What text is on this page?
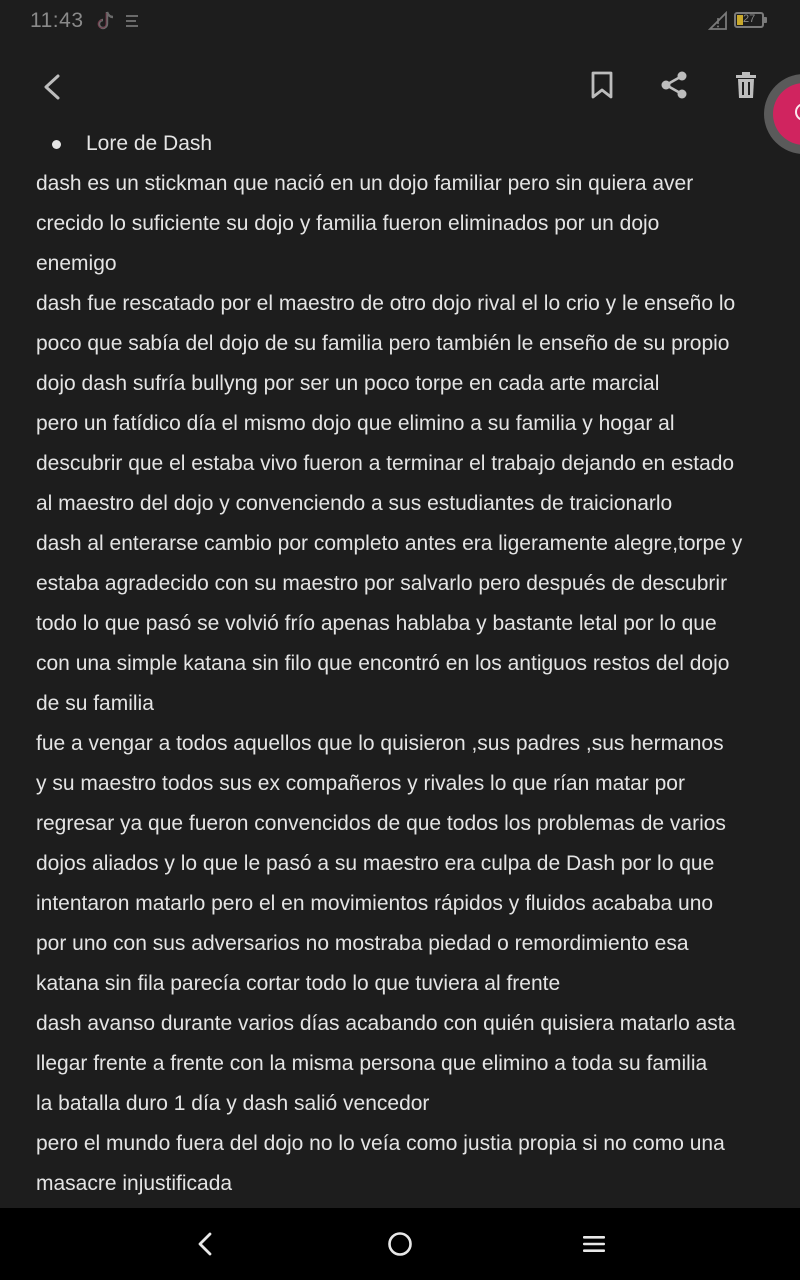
11:43	27
Lore de Dash

dash es un stickman que nació en un dojo familiar pero sin quiera aver

crecido lo suficiente su dojo y familia fueron eliminados por un dojo

enemigo

dash fue rescatado por el maestro de otro dojo rival el lo crio y le enseño lo

poco que sabía del dojo de su familia pero también le enseño de su propio

dojo dash sufría bullyng por ser un poco torpe en cada arte marcial

pero un fatídico día el mismo dojo que elimino a su familia y hogar al

descubrir que el estaba vivo fueron a terminar el trabajo dejando en estado

al maestro del dojo y convenciendo a sus estudiantes de traicionarlo

dash al enterarse cambio por completo antes era ligeramente alegre,torpe y

estaba agradecido con su maestro por salvarlo pero después de descubrir

todo lo que pasó se volvió frío apenas hablaba y bastante letal por lo que

con una simple katana sin filo que encontró en los antiguos restos del dojo

de su familia

fue a vengar a todos aquellos que lo quisieron ,sus padres ,sus hermanos

y su maestro todos sus ex compañeros y rivales lo que rían matar por

regresar ya que fueron convencidos de que todos los problemas de varios

dojos aliados y lo que le pasó a su maestro era culpa de Dash por lo que

intentaron matarlo pero el en movimientos rápidos y fluidos acababa uno

por uno con sus adversarios no mostraba piedad o remordimiento esa

katana sin fila parecía cortar todo lo que tuviera al frente

dash avanso durante varios días acabando con quién quisiera matarlo asta

llegar frente a frente con la misma persona que elimino a toda su familia

la batalla duro 1 día y dash salió vencedor

pero el mundo fuera del dojo no lo veía como justia propia si no como una

masacre injustificada
